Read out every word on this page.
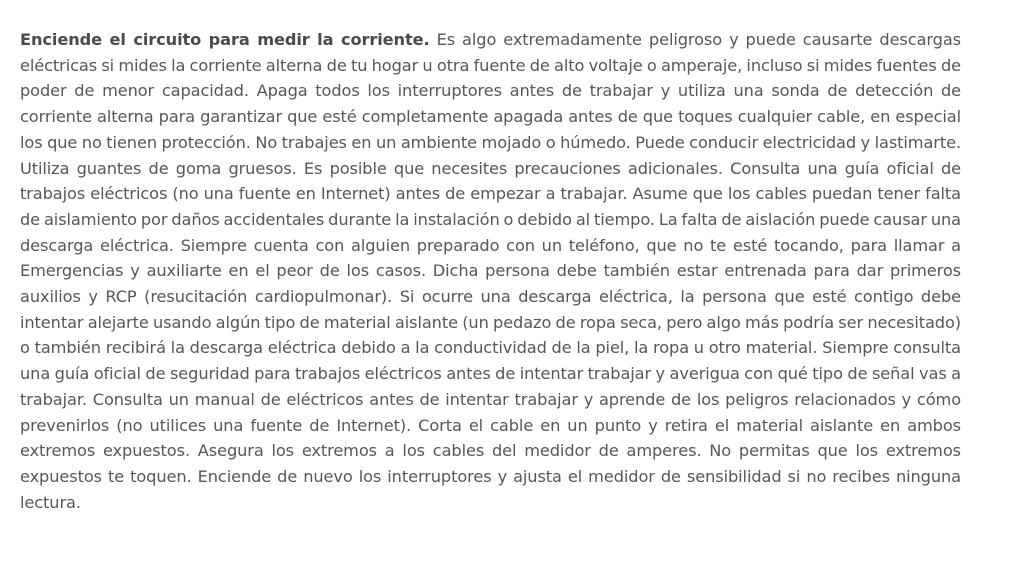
Enciende el circuito para medir la corriente. Es algo extremadamente peligroso y puede causarte descargas eléctricas si mides la corriente alterna de tu hogar u otra fuente de alto voltaje o amperaje, incluso si mides fuentes de poder de menor capacidad. Apaga todos los interruptores antes de trabajar y utiliza una sonda de detección de corriente alterna para garantizar que esté completamente apagada antes de que toques cualquier cable, en especial los que no tienen protección. No trabajes en un ambiente mojado o húmedo. Puede conducir electricidad y lastimarte. Utiliza guantes de goma gruesos. Es posible que necesites precauciones adicionales. Consulta una guía oficial de trabajos eléctricos (no una fuente en Internet) antes de empezar a trabajar. Asume que los cables puedan tener falta de aislamiento por daños accidentales durante la instalación o debido al tiempo. La falta de aislación puede causar una descarga eléctrica. Siempre cuenta con alguien preparado con un teléfono, que no te esté tocando, para llamar a Emergencias y auxiliarte en el peor de los casos. Dicha persona debe también estar entrenada para dar primeros auxilios y RCP (resucitación cardiopulmonar). Si ocurre una descarga eléctrica, la persona que esté contigo debe intentar alejarte usando algún tipo de material aislante (un pedazo de ropa seca, pero algo más podría ser necesitado) o también recibirá la descarga eléctrica debido a la conductividad de la piel, la ropa u otro material. Siempre consulta una guía oficial de seguridad para trabajos eléctricos antes de intentar trabajar y averigua con qué tipo de señal vas a trabajar. Consulta un manual de eléctricos antes de intentar trabajar y aprende de los peligros relacionados y cómo prevenirlos (no utilices una fuente de Internet). Corta el cable en un punto y retira el material aislante en ambos extremos expuestos. Asegura los extremos a los cables del medidor de amperes. No permitas que los extremos expuestos te toquen. Enciende de nuevo los interruptores y ajusta el medidor de sensibilidad si no recibes ninguna lectura.
